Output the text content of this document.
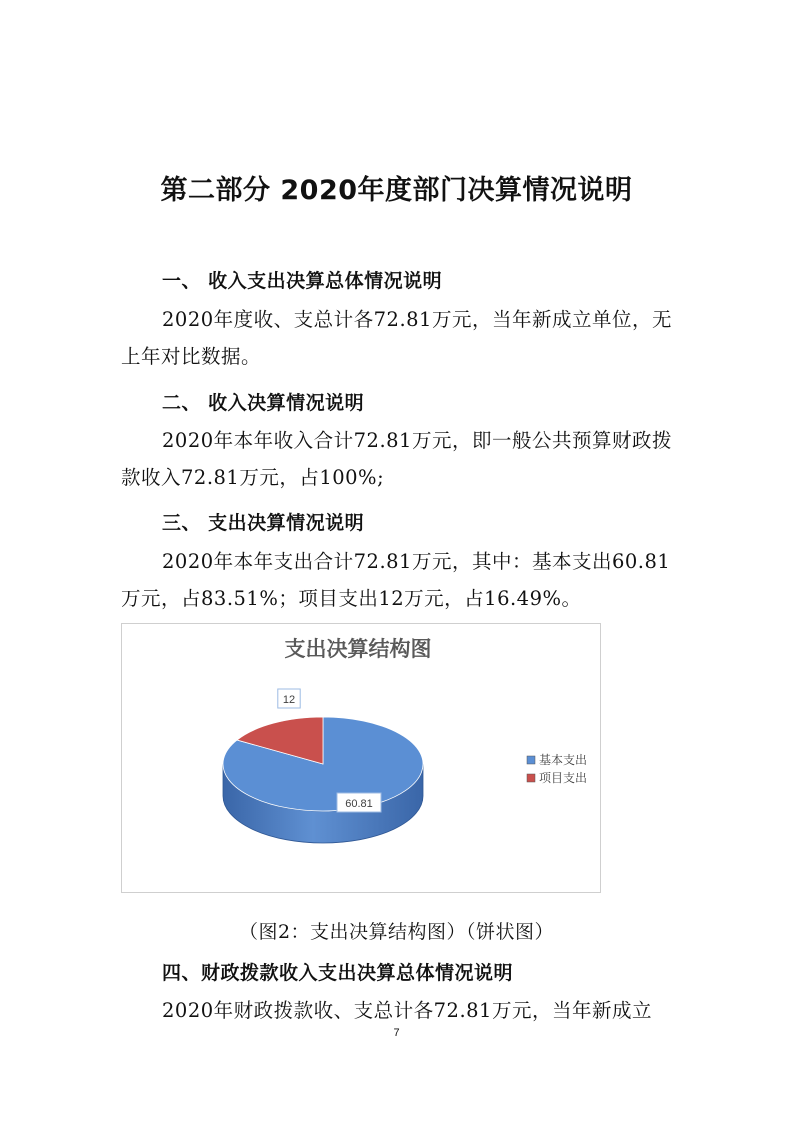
第二部分 2020年度部门决算情况说明
一、 收入支出决算总体情况说明

2020年度收、支总计各72.81万元，当年新成立单位，无上年对比数据。

二、 收入决算情况说明

2020年本年收入合计72.81万元，即一般公共预算财政拨款收入72.81万元，占100%;

三、 支出决算情况说明

2020年本年支出合计72.81万元，其中：基本支出60.81万元，占83.51%；项目支出12万元，占16.49%。

支出决算结构图
60.81
12
基本支出
项目支出
（图2：支出决算结构图）（饼状图）
四、财政拨款收入支出决算总体情况说明

2020年财政拨款收、支总计各72.81万元，当年新成立

7
